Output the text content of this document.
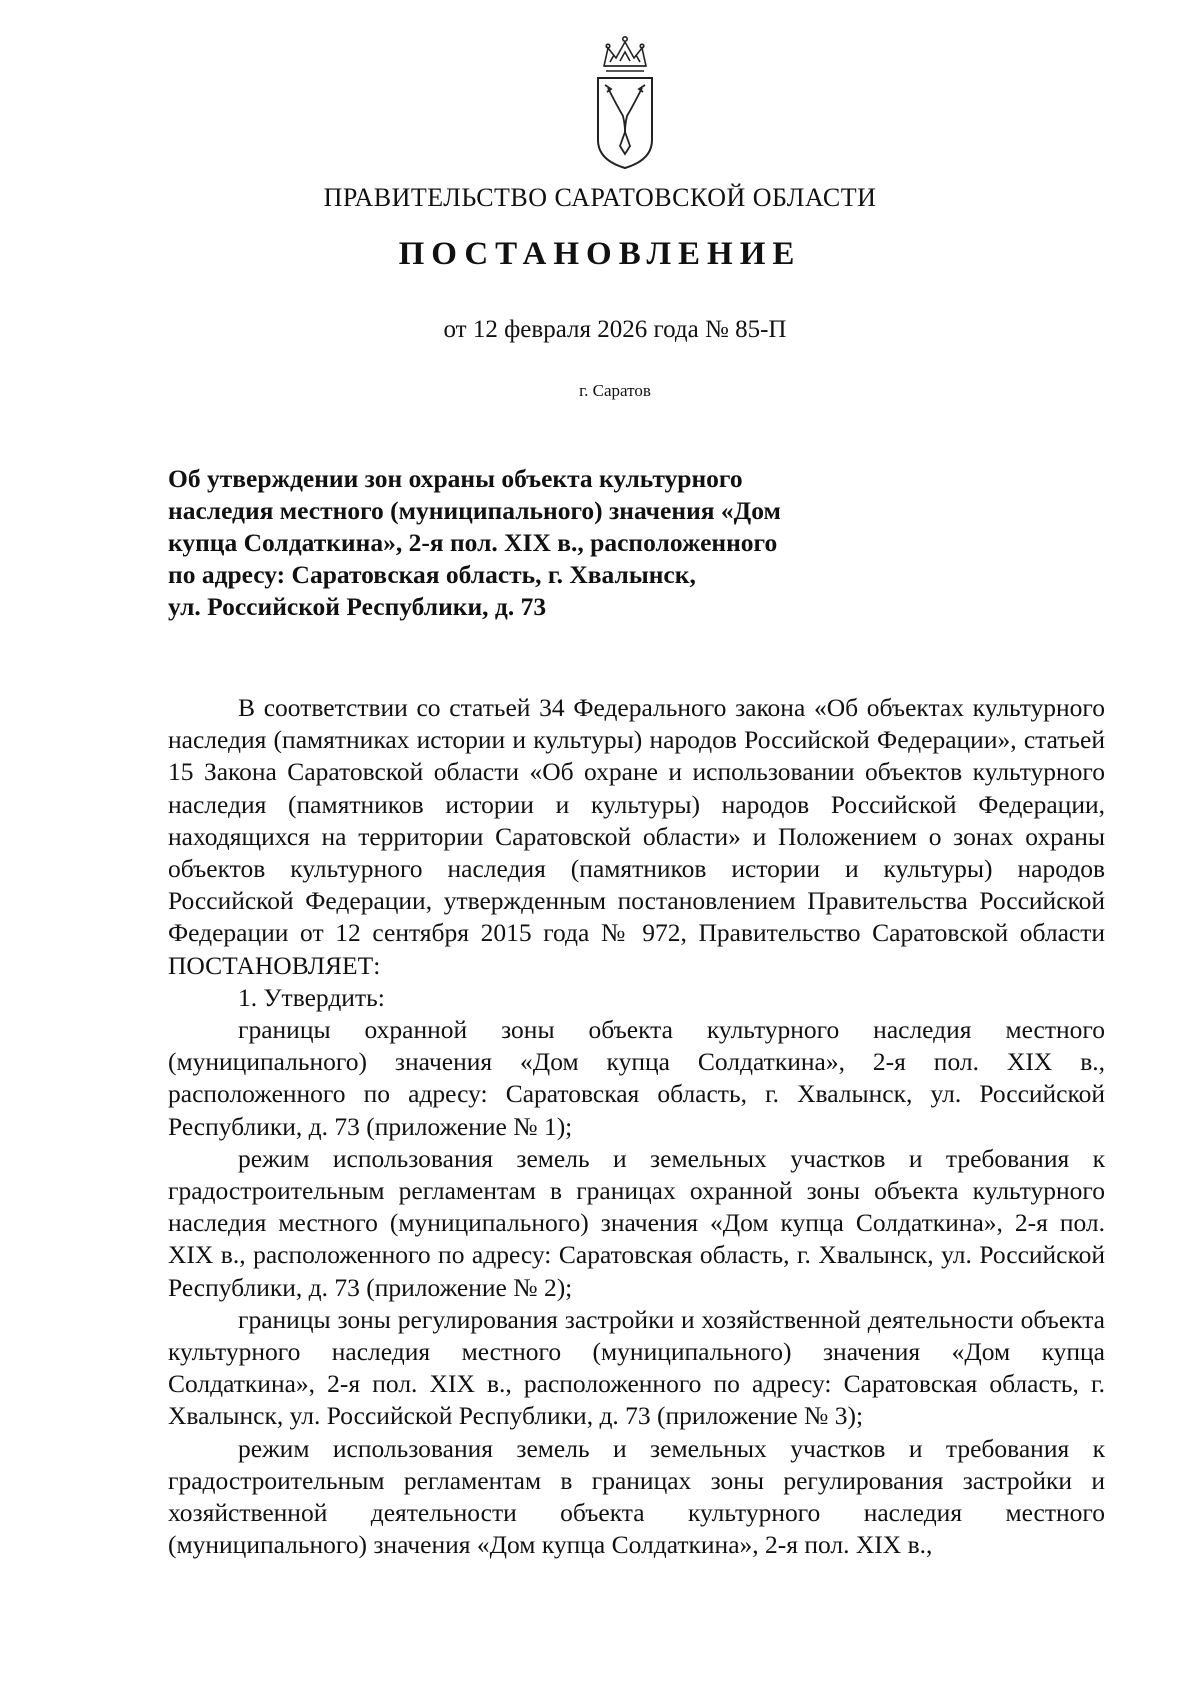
ПРАВИТЕЛЬСТВО САРАТОВСКОЙ ОБЛАСТИ
ПОСТАНОВЛЕНИЕ
от 12 февраля 2026 года № 85-П
г. Саратов
Об утверждении зон охраны объекта культурного
наследия местного (муниципального) значения «Дом
купца Солдаткина», 2-я пол. XIX в., расположенного
по адресу: Саратовская область, г. Хвалынск,
ул. Российской Республики, д. 73

В соответствии со статьей 34 Федерального закона «Об объектах культурного наследия (памятниках истории и культуры) народов Российской Федерации», статьей 15 Закона Саратовской области «Об охране и использовании объектов культурного наследия (памятников истории и культуры) народов Российской Федерации, находящихся на территории Саратовской области» и Положением о зонах охраны объектов культурного наследия (памятников истории и культуры) народов Российской Федерации, утвержденным постановлением Правительства Российской Федерации от 12 сентября 2015 года № 972, Правительство Саратовской области ПОСТАНОВЛЯЕТ:

1. Утвердить:

границы охранной зоны объекта культурного наследия местного (муниципального) значения «Дом купца Солдаткина», 2-я пол. XIX в., расположенного по адресу: Саратовская область, г. Хвалынск, ул. Российской Республики, д. 73 (приложение № 1);

режим использования земель и земельных участков и требования к градостроительным регламентам в границах охранной зоны объекта культурного наследия местного (муниципального) значения «Дом купца Солдаткина», 2-я пол. XIX в., расположенного по адресу: Саратовская область, г. Хвалынск, ул. Российской Республики, д. 73 (приложение № 2);

границы зоны регулирования застройки и хозяйственной деятельности объекта культурного наследия местного (муниципального) значения «Дом купца Солдаткина», 2-я пол. XIX в., расположенного по адресу: Саратовская область, г. Хвалынск, ул. Российской Республики, д. 73 (приложение № 3);

режим использования земель и земельных участков и требования к градостроительным регламентам в границах зоны регулирования застройки и хозяйственной деятельности объекта культурного наследия местного (муниципального) значения «Дом купца Солдаткина», 2-я пол. XIX в.,
